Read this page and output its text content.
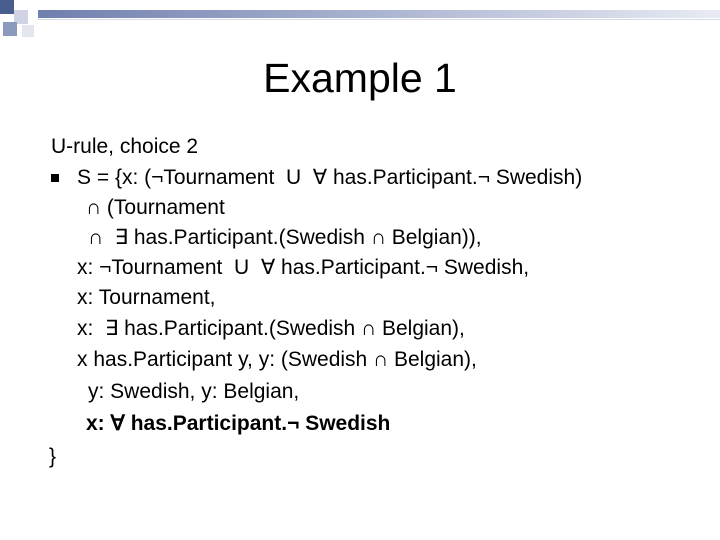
Example 1
U-rule, choice 2
S = {x: (¬Tournament  U  ∀ has.Participant.¬ Swedish)
∩ (Tournament
∩  ∃ has.Participant.(Swedish ∩ Belgian)),
x: ¬Tournament  U  ∀ has.Participant.¬ Swedish,
x: Tournament,
x:  ∃ has.Participant.(Swedish ∩ Belgian),
x has.Participant y, y: (Swedish ∩ Belgian),
y: Swedish, y: Belgian,
x: ∀ has.Participant.¬ Swedish
}
